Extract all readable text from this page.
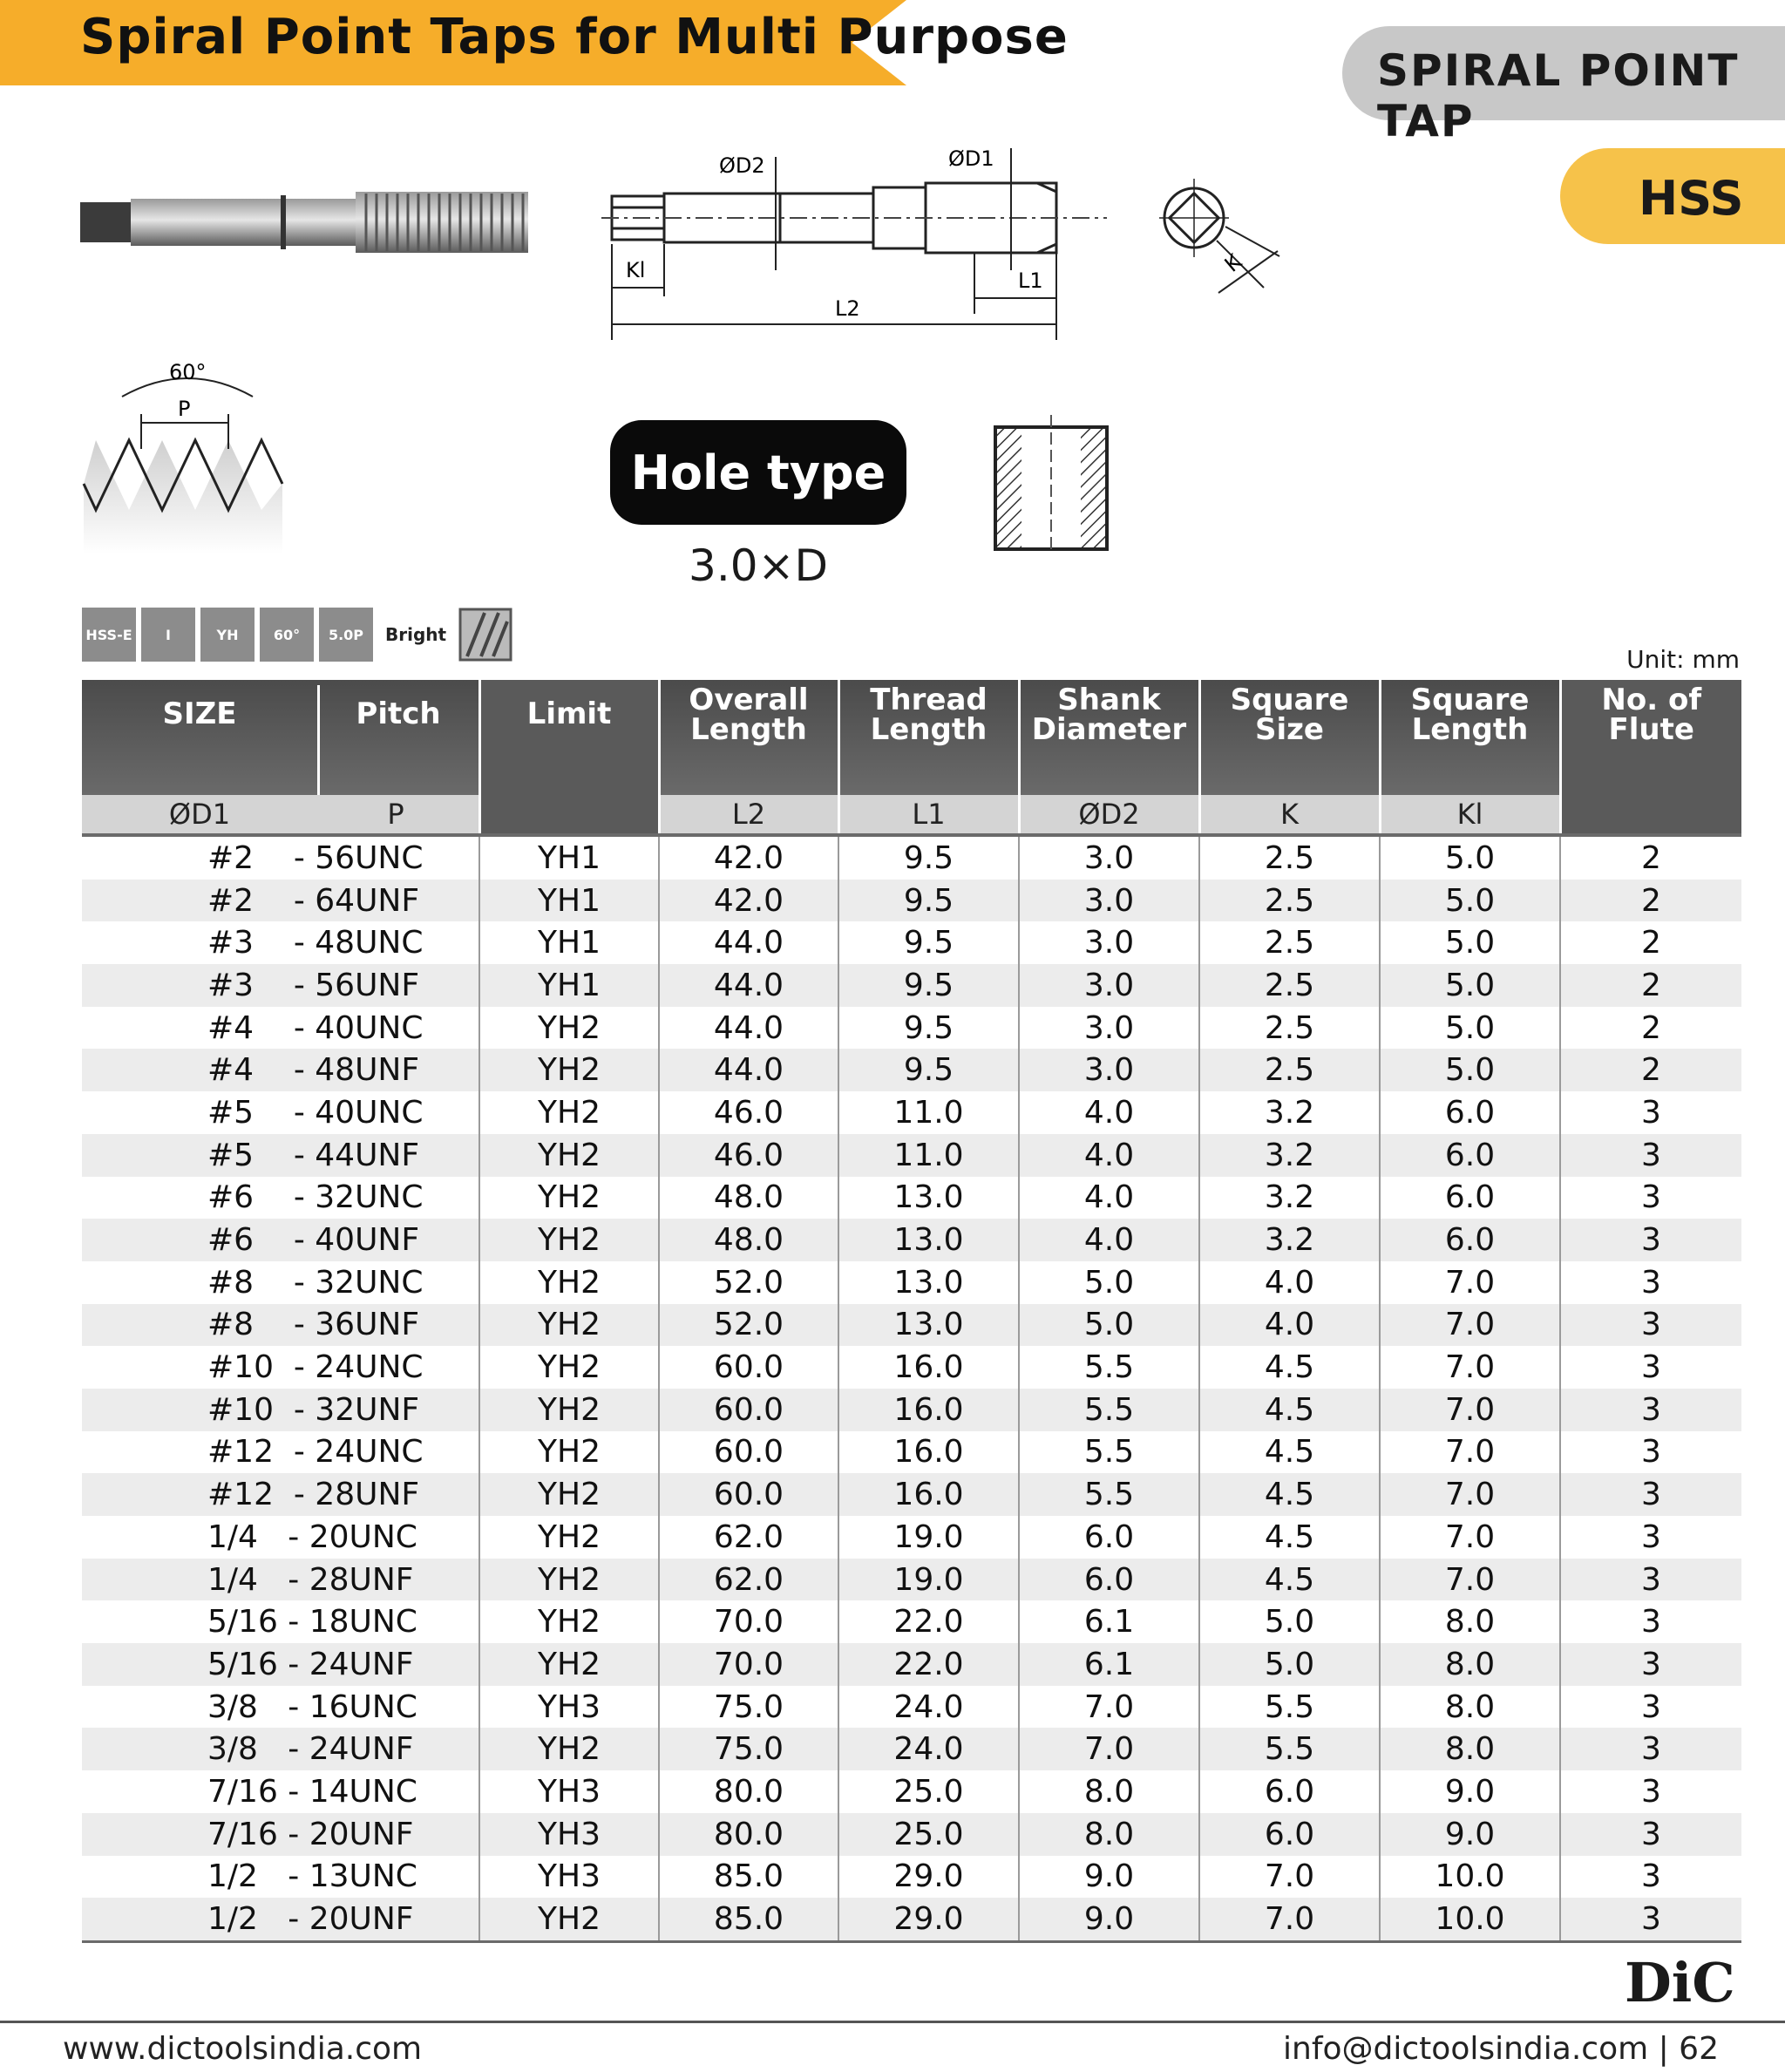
Spiral Point Taps for Multi Purpose
SPIRAL POINT TAP
HSS
ØD2	ØD1
Kl	L1
L2
K
60°
P
Hole type
3.0×D
HSS-E	I	YH	60°	5.0P	Bright
Unit: mm
SIZE Pitch	Limit	Overall Length	Thread Length	Shank Diameter	Square Size	Square Length	No. of Flute

ØD1 P		L2	L1	ØD2	K	Kl	
#2    - 56UNC	YH1	42.0	9.5	3.0	2.5	5.0	2
#2    - 64UNF	YH1	42.0	9.5	3.0	2.5	5.0	2
#3    - 48UNC	YH1	44.0	9.5	3.0	2.5	5.0	2
#3    - 56UNF	YH1	44.0	9.5	3.0	2.5	5.0	2
#4    - 40UNC	YH2	44.0	9.5	3.0	2.5	5.0	2
#4    - 48UNF	YH2	44.0	9.5	3.0	2.5	5.0	2
#5    - 40UNC	YH2	46.0	11.0	4.0	3.2	6.0	3
#5    - 44UNF	YH2	46.0	11.0	4.0	3.2	6.0	3
#6    - 32UNC	YH2	48.0	13.0	4.0	3.2	6.0	3
#6    - 40UNF	YH2	48.0	13.0	4.0	3.2	6.0	3
#8    - 32UNC	YH2	52.0	13.0	5.0	4.0	7.0	3
#8    - 36UNF	YH2	52.0	13.0	5.0	4.0	7.0	3
#10  - 24UNC	YH2	60.0	16.0	5.5	4.5	7.0	3
#10  - 32UNF	YH2	60.0	16.0	5.5	4.5	7.0	3
#12  - 24UNC	YH2	60.0	16.0	5.5	4.5	7.0	3
#12  - 28UNF	YH2	60.0	16.0	5.5	4.5	7.0	3
1/4   - 20UNC	YH2	62.0	19.0	6.0	4.5	7.0	3
1/4   - 28UNF	YH2	62.0	19.0	6.0	4.5	7.0	3
5/16 - 18UNC	YH2	70.0	22.0	6.1	5.0	8.0	3
5/16 - 24UNF	YH2	70.0	22.0	6.1	5.0	8.0	3
3/8   - 16UNC	YH3	75.0	24.0	7.0	5.5	8.0	3
3/8   - 24UNF	YH2	75.0	24.0	7.0	5.5	8.0	3
7/16 - 14UNC	YH3	80.0	25.0	8.0	6.0	9.0	3
7/16 - 20UNF	YH3	80.0	25.0	8.0	6.0	9.0	3
1/2   - 13UNC	YH3	85.0	29.0	9.0	7.0	10.0	3
1/2   - 20UNF	YH2	85.0	29.0	9.0	7.0	10.0	3
DiC
www.dictoolsindia.com	info@dictoolsindia.com | 62
